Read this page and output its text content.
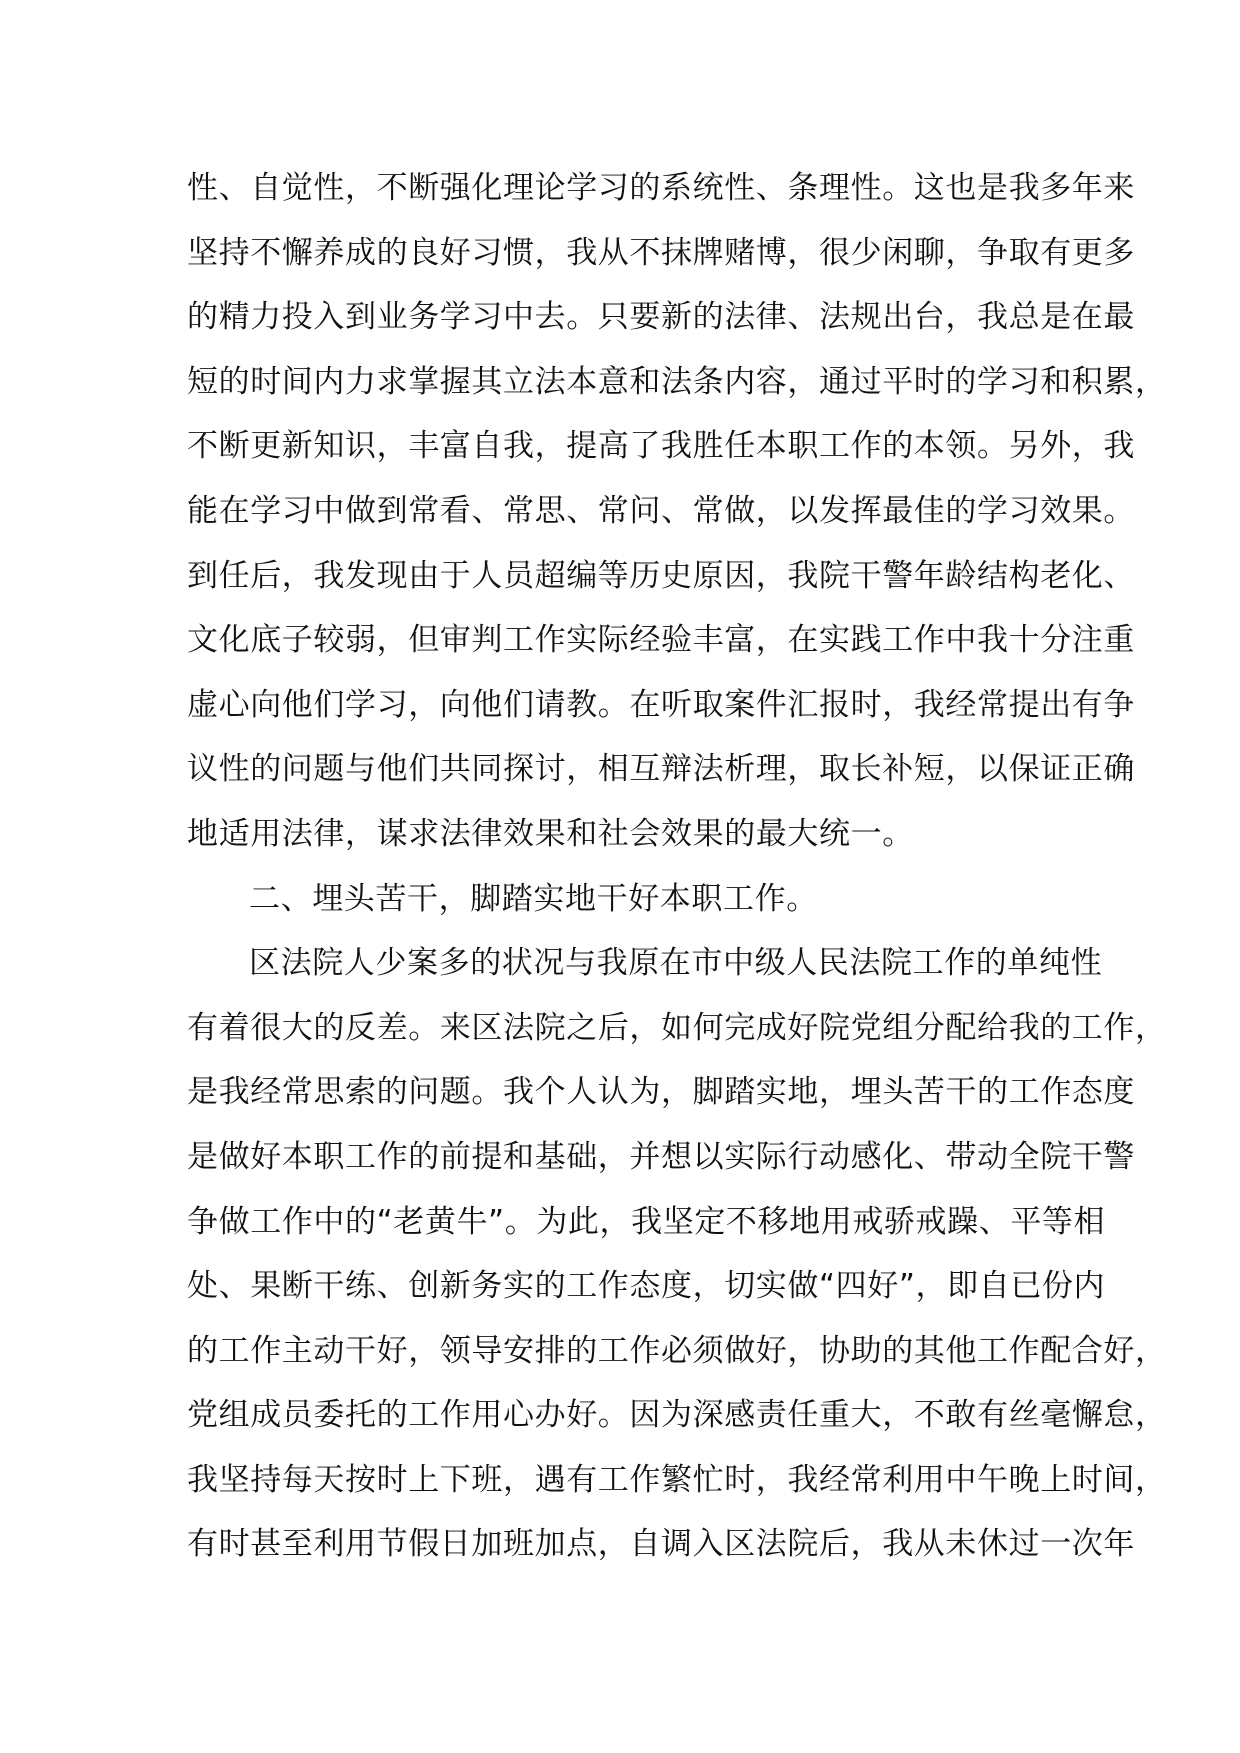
性、自觉性，不断强化理论学习的系统性、条理性。这也是我多年来
坚持不懈养成的良好习惯，我从不抹牌赌博，很少闲聊，争取有更多
的精力投入到业务学习中去。只要新的法律、法规出台，我总是在最
短的时间内力求掌握其立法本意和法条内容，通过平时的学习和积累，
不断更新知识，丰富自我，提高了我胜任本职工作的本领。另外，我
能在学习中做到常看、常思、常问、常做，以发挥最佳的学习效果。
到任后，我发现由于人员超编等历史原因，我院干警年龄结构老化、
文化底子较弱，但审判工作实际经验丰富，在实践工作中我十分注重
虚心向他们学习，向他们请教。在听取案件汇报时，我经常提出有争
议性的问题与他们共同探讨，相互辩法析理，取长补短，以保证正确
地适用法律，谋求法律效果和社会效果的最大统一。
二、埋头苦干，脚踏实地干好本职工作。
区法院人少案多的状况与我原在市中级人民法院工作的单纯性
有着很大的反差。来区法院之后，如何完成好院党组分配给我的工作，
是我经常思索的问题。我个人认为，脚踏实地，埋头苦干的工作态度
是做好本职工作的前提和基础，并想以实际行动感化、带动全院干警
争做工作中的“老黄牛”。为此，我坚定不移地用戒骄戒躁、平等相
处、果断干练、创新务实的工作态度，切实做“四好”，即自已份内
的工作主动干好，领导安排的工作必须做好，协助的其他工作配合好，
党组成员委托的工作用心办好。因为深感责任重大，不敢有丝毫懈怠，
我坚持每天按时上下班，遇有工作繁忙时，我经常利用中午晚上时间，
有时甚至利用节假日加班加点，自调入区法院后，我从未休过一次年
